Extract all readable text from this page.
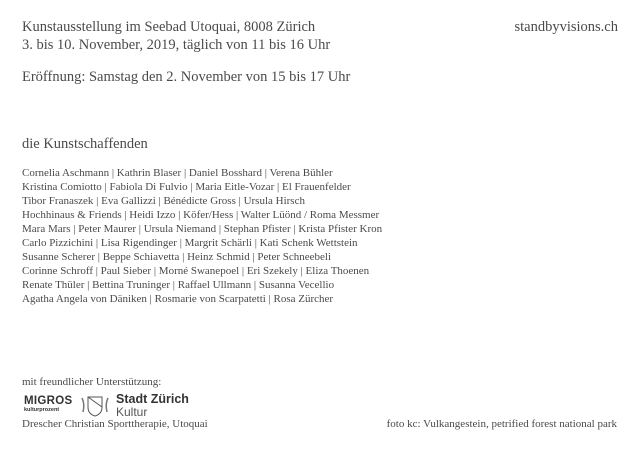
Kunstausstellung im Seebad Utoquai, 8008 Zürich
3. bis 10. November, 2019, täglich von 11 bis 16 Uhr
Eröffnung: Samstag den 2. November von 15 bis 17 Uhr
standbyvisions.ch
die Kunstschaffenden
Cornelia Aschmann | Kathrin Blaser | Daniel Bosshard | Verena Bühler
Kristina Comiotto | Fabiola Di Fulvio | Maria Eitle-Vozar | El Frauenfelder
Tibor Franaszek | Eva Gallizzi | Bénédicte Gross | Ursula Hirsch
Hochhinaus & Friends | Heidi Izzo | Köfer/Hess | Walter Lüönd / Roma Messmer
Mara Mars | Peter Maurer | Ursula Niemand | Stephan Pfister | Krista Pfister Kron
Carlo Pizzichini | Lisa Rigendinger | Margrit Schärli | Kati Schenk Wettstein
Susanne Scherer | Beppe Schiavetta | Heinz Schmid | Peter Schneebeli
Corinne Schroff | Paul Sieber | Morné Swanepoel | Eri Szekely | Eliza Thoenen
Renate Thüler | Bettina Truninger | Raffael Ullmann | Susanna Vecellio
Agatha Angela von Däniken | Rosmarie von Scarpatetti | Rosa Zürcher
mit freundlicher Unterstützung:
MIGROS
kulturprozent
Stadt Zürich
Kultur
Drescher Christian Sporttherapie, Utoquai	foto kc: Vulkangestein, petrified forest national park
